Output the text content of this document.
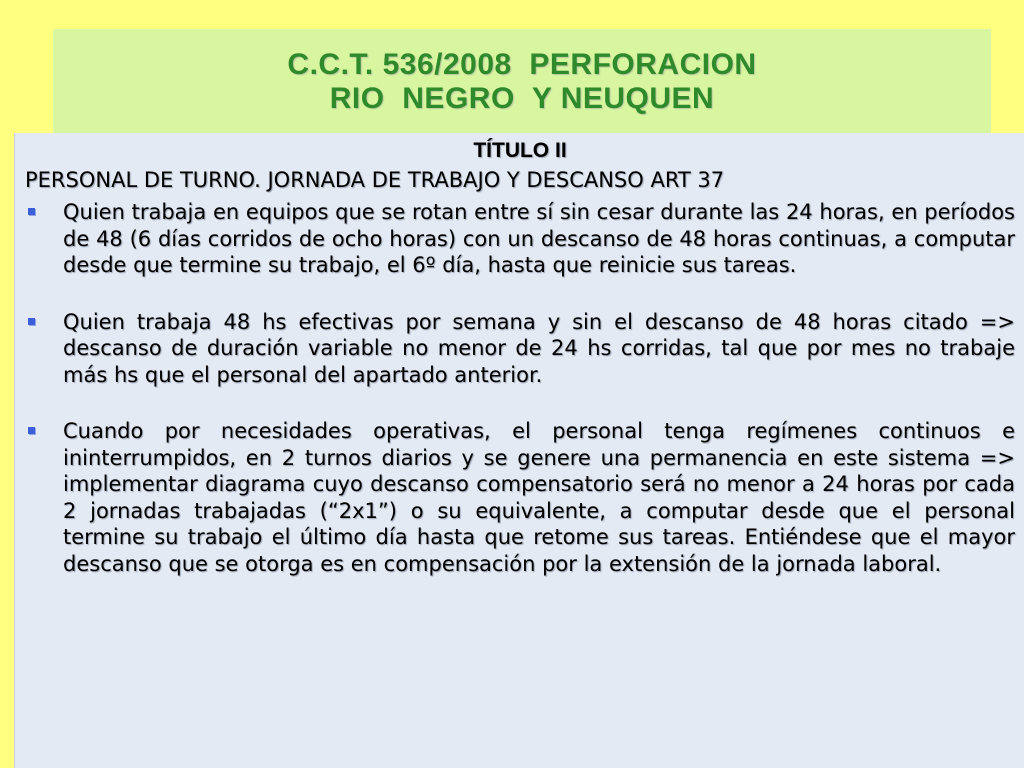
C.C.T. 536/2008  PERFORACION
RIO  NEGRO  Y NEUQUEN
TÍTULO II
PERSONAL DE TURNO. JORNADA DE TRABAJO Y DESCANSO ART 37
Quien trabaja en equipos que se rotan entre sí sin cesar durante las 24 horas, en períodos de 48 (6 días corridos de ocho horas) con un descanso de 48 horas continuas, a computar desde que termine su trabajo, el 6º día, hasta que reinicie sus tareas.
Quien trabaja 48 hs efectivas por semana y sin el descanso de 48 horas citado => descanso de duración variable no menor de 24 hs corridas, tal que por mes no trabaje más hs que el personal del apartado anterior.
Cuando por necesidades operativas, el personal tenga regímenes continuos e ininterrumpidos, en 2 turnos diarios y se genere una permanencia en este sistema => implementar diagrama cuyo descanso compensatorio será no menor a 24 horas por cada 2 jornadas trabajadas (“2x1”) o su equivalente, a computar desde que el personal termine su trabajo el último día hasta que retome sus tareas. Entiéndese que el mayor descanso que se otorga es en compensación por la extensión de la jornada laboral.
